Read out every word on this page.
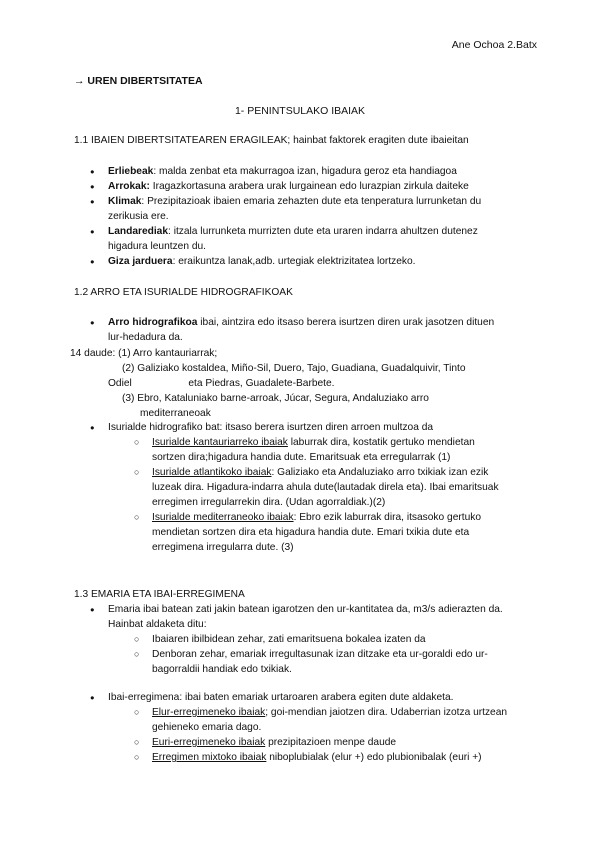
Ane Ochoa 2.Batx
→ UREN DIBERTSITATEA
1- PENINTSULAKO IBAIAK
1.1 IBAIEN DIBERTSITATEAREN ERAGILEAK; hainbat faktorek eragiten dute ibaieitan
● Erliebeak: malda zenbat eta makurragoa izan, higadura geroz eta handiagoa
● Arrokak: Iragazkortasuna arabera urak lurgainean edo lurazpian zirkula daiteke
● Klimak: Prezipitazioak ibaien emaria zehazten dute eta tenperatura lurrunketan du zerikusia ere.
● Landarediak: itzala lurrunketa murrizten dute eta uraren indarra ahultzen dutenez higadura leuntzen du.
● Giza jarduera: eraikuntza lanak,adb. urtegiak elektrizitatea lortzeko.
1.2 ARRO ETA ISURIALDE HIDROGRAFIKOAK
● Arro hidrografikoa ibai, aintzira edo itsaso berera isurtzen diren urak jasotzen dituen lur-hedadura da.
14 daude: (1) Arro kantauriarrak;
(2) Galiziako kostaldea, Miño-Sil, Duero, Tajo, Guadiana, Guadalquivir, Tinto
Odiel                    eta Piedras, Guadalete-Barbete.
(3) Ebro, Kataluniako barne-arroak, Júcar, Segura, Andaluziako arro
mediterraneoak
● Isurialde hidrografiko bat: itsaso berera isurtzen diren arroen multzoa da
○ Isurialde kantauriarreko ibaiak laburrak dira, kostatik gertuko mendietan sortzen dira;higadura handia dute. Emaritsuak eta erregularrak (1)
○ Isurialde atlantikoko ibaiak: Galiziako eta Andaluziako arro txikiak izan ezik luzeak dira. Higadura-indarra ahula dute(lautadak direla eta). Ibai emaritsuak erregimen irregularrekin dira. (Udan agorraldiak.)(2)
○ Isurialde mediterraneoko ibaiak: Ebro ezik laburrak dira, itsasoko gertuko mendietan sortzen dira eta higadura handia dute. Emari txikia dute eta erregimena irregularra dute. (3)
1.3 EMARIA ETA IBAI-ERREGIMENA
● Emaria ibai batean zati jakin batean igarotzen den ur-kantitatea da, m3/s adierazten da. Hainbat aldaketa ditu:
○ Ibaiaren ibilbidean zehar, zati emaritsuena bokalea izaten da
○ Denboran zehar, emariak irregultasunak izan ditzake eta ur-goraldi edo ur-bagorraldii handiak edo txikiak.
● Ibai-erregimena: ibai baten emariak urtaroaren arabera egiten dute aldaketa.
○ Elur-erregimeneko ibaiak; goi-mendian jaiotzen dira. Udaberrian izotza urtzean gehieneko emaria dago.
○ Euri-erregimeneko ibaiak prezipitazioen menpe daude
○ Erregimen mixtoko ibaiak niboplubialak (elur +) edo plubionibalak (euri +)
